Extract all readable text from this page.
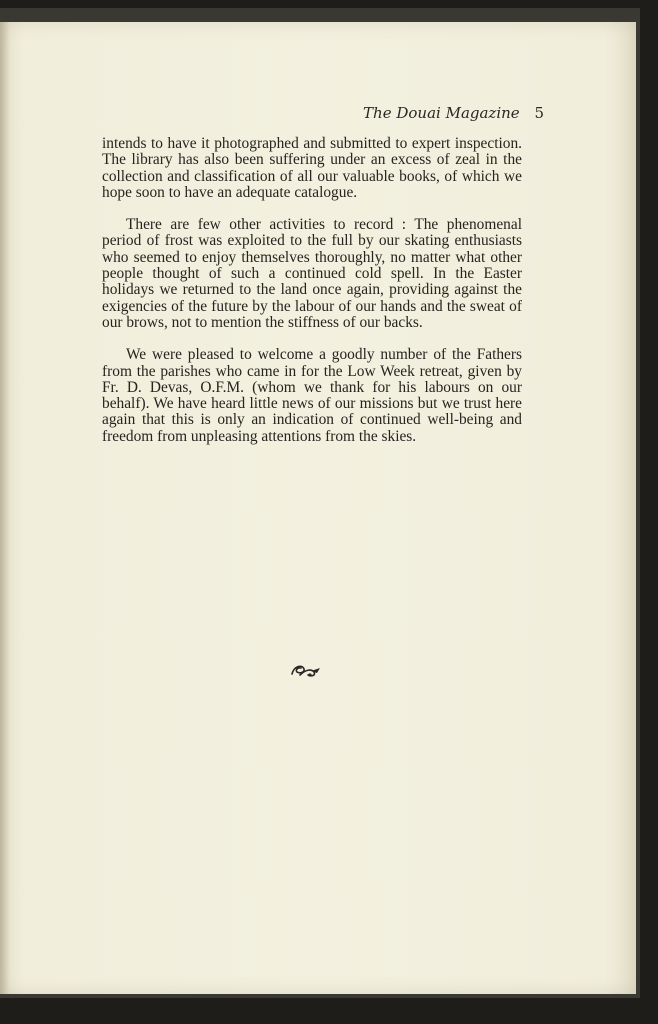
The Douai Magazine 5

intends to have it photographed and submitted to expert inspection. The library has also been suffering under an excess of zeal in the collection and classification of all our valuable books, of which we hope soon to have an adequate catalogue.

There are few other activities to record : The phenomenal period of frost was exploited to the full by our skating enthusiasts who seemed to enjoy themselves thoroughly, no matter what other people thought of such a continued cold spell. In the Easter holidays we returned to the land once again, providing against the exigencies of the future by the labour of our hands and the sweat of our brows, not to mention the stiffness of our backs.

We were pleased to welcome a goodly number of the Fathers from the parishes who came in for the Low Week retreat, given by Fr. D. Devas, O.F.M. (whom we thank for his labours on our behalf). We have heard little news of our missions but we trust here again that this is only an indication of continued well-being and freedom from unpleasing attentions from the skies.
